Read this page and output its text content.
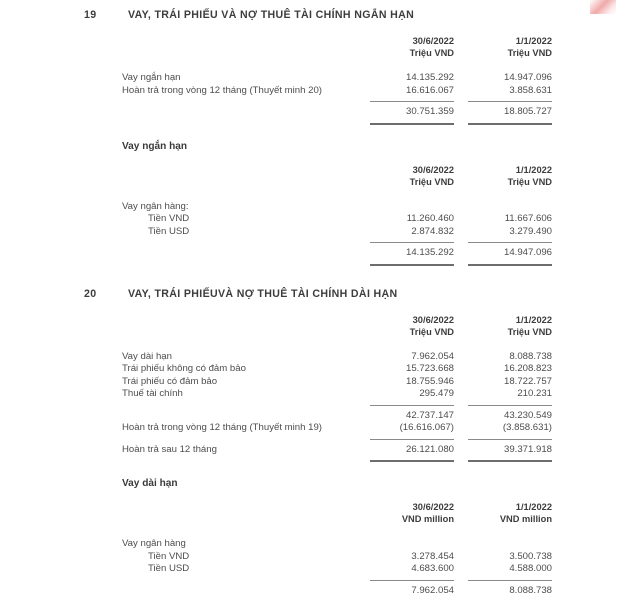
19	VAY, TRÁI PHIẾU VÀ NỢ THUÊ TÀI CHÍNH NGẮN HẠN
	30/6/2022	1/1/2022
	Triệu VND	Triệu VND

Vay ngắn hạn	14.135.292	14.947.096
Hoàn trả trong vòng 12 tháng (Thuyết minh 20)	16.616.067	3.858.631

	30.751.359	18.805.727

Vay ngắn hạn
	30/6/2022	1/1/2022
	Triệu VND	Triệu VND

Vay ngân hàng:		
Tiền VND	11.260.460	11.667.606
Tiền USD	2.874.832	3.279.490

	14.135.292	14.947.096

20	VAY, TRÁI PHIẾUVÀ NỢ THUÊ TÀI CHÍNH DÀI HẠN
	30/6/2022	1/1/2022
	Triệu VND	Triệu VND

Vay dài hạn	7.962.054	8.088.738
Trái phiếu không có đảm bảo	15.723.668	16.208.823
Trái phiếu có đảm bảo	18.755.946	18.722.757
Thuế tài chính	295.479	210.231

	42.737.147	43.230.549
Hoàn trả trong vòng 12 tháng (Thuyết minh 19)	(16.616.067)	(3.858.631)

Hoàn trả sau 12 tháng	26.121.080	39.371.918

Vay dài hạn
	30/6/2022	1/1/2022
	VND million	VND million

Vay ngân hàng		
Tiền VND	3.278.454	3.500.738
Tiền USD	4.683.600	4.588.000

	7.962.054	8.088.738
